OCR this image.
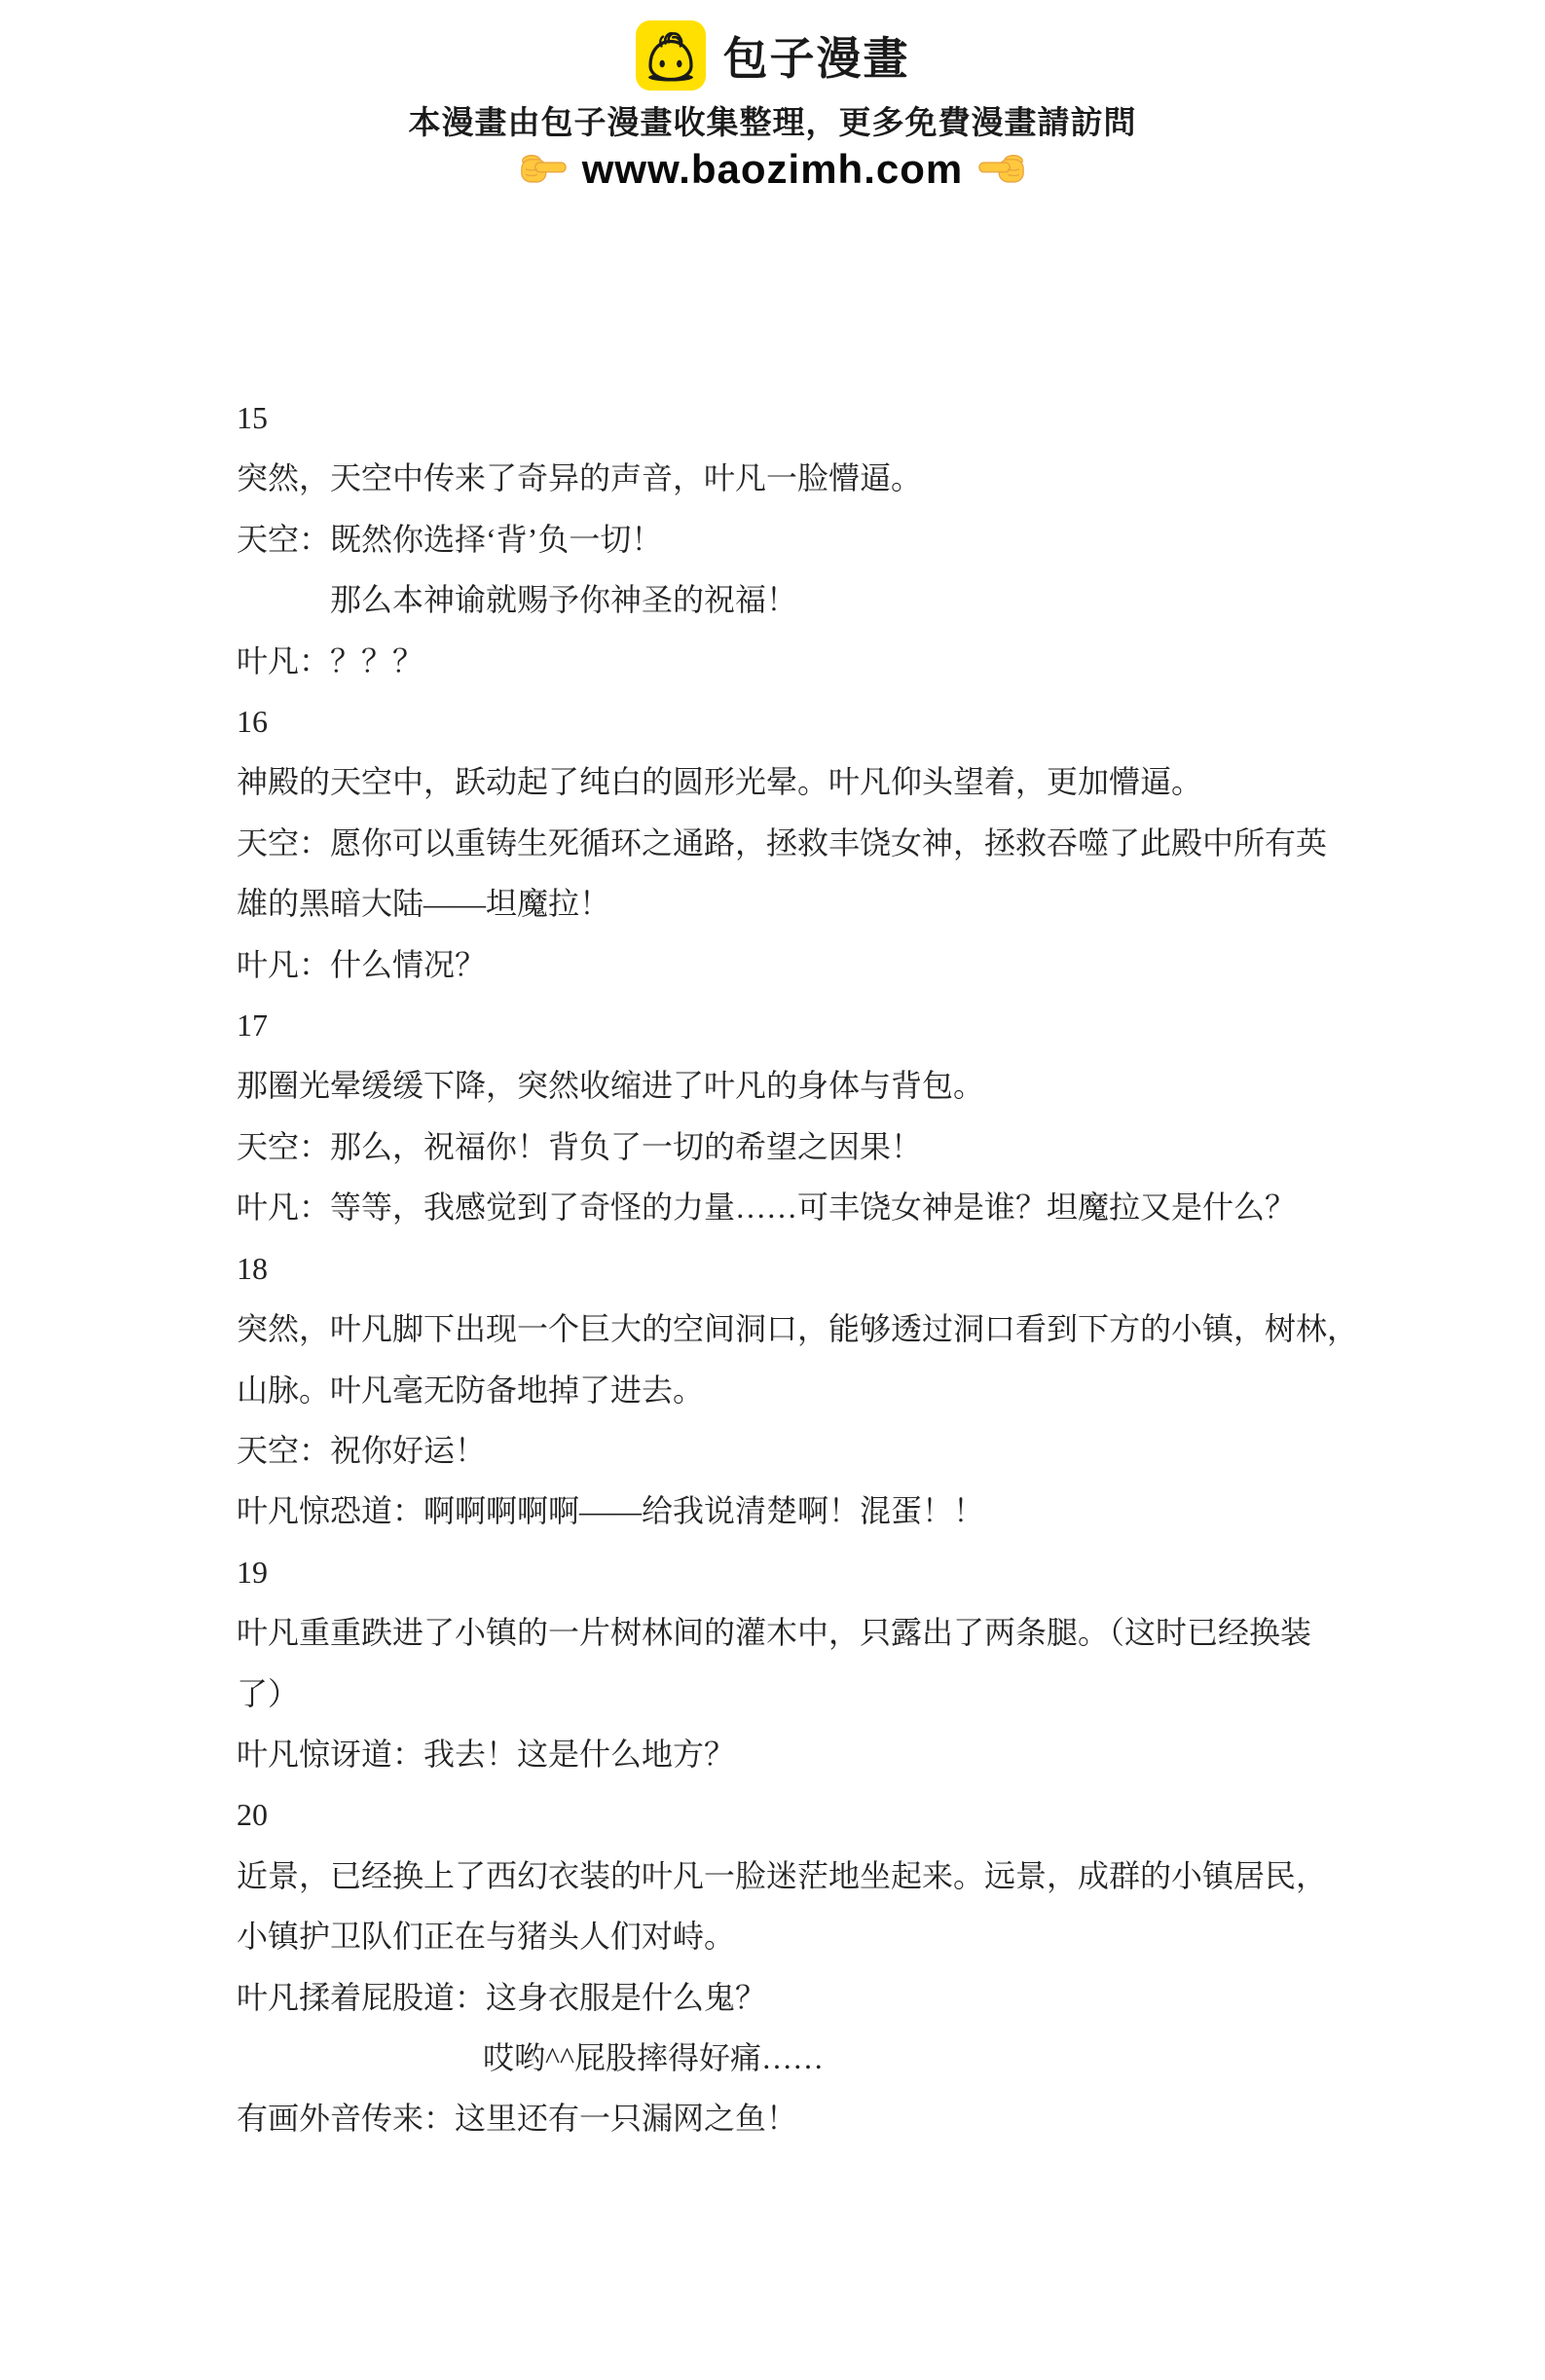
包子漫畫
本漫畫由包子漫畫收集整理，更多免費漫畫請訪問
www.baozimh.com
15
突然，天空中传来了奇异的声音，叶凡一脸懵逼。
天空：既然你选择‘背’负一切！
那么本神谕就赐予你神圣的祝福！
叶凡：？？？
16
神殿的天空中，跃动起了纯白的圆形光晕。叶凡仰头望着，更加懵逼。
天空：愿你可以重铸生死循环之通路，拯救丰饶女神，拯救吞噬了此殿中所有英
雄的黑暗大陆——坦魔拉！
叶凡：什么情况？
17
那圈光晕缓缓下降，突然收缩进了叶凡的身体与背包。
天空：那么，祝福你！背负了一切的希望之因果！
叶凡：等等，我感觉到了奇怪的力量……可丰饶女神是谁？坦魔拉又是什么？
18
突然，叶凡脚下出现一个巨大的空间洞口，能够透过洞口看到下方的小镇，树林，
山脉。叶凡毫无防备地掉了进去。
天空：祝你好运！
叶凡惊恐道：啊啊啊啊啊——给我说清楚啊！混蛋！！
19
叶凡重重跌进了小镇的一片树林间的灌木中，只露出了两条腿。（这时已经换装
了）
叶凡惊讶道：我去！这是什么地方？
20
近景，已经换上了西幻衣装的叶凡一脸迷茫地坐起来。远景，成群的小镇居民，
小镇护卫队们正在与猪头人们对峙。
叶凡揉着屁股道：这身衣服是什么鬼？
哎哟^^屁股摔得好痛……
有画外音传来：这里还有一只漏网之鱼！
